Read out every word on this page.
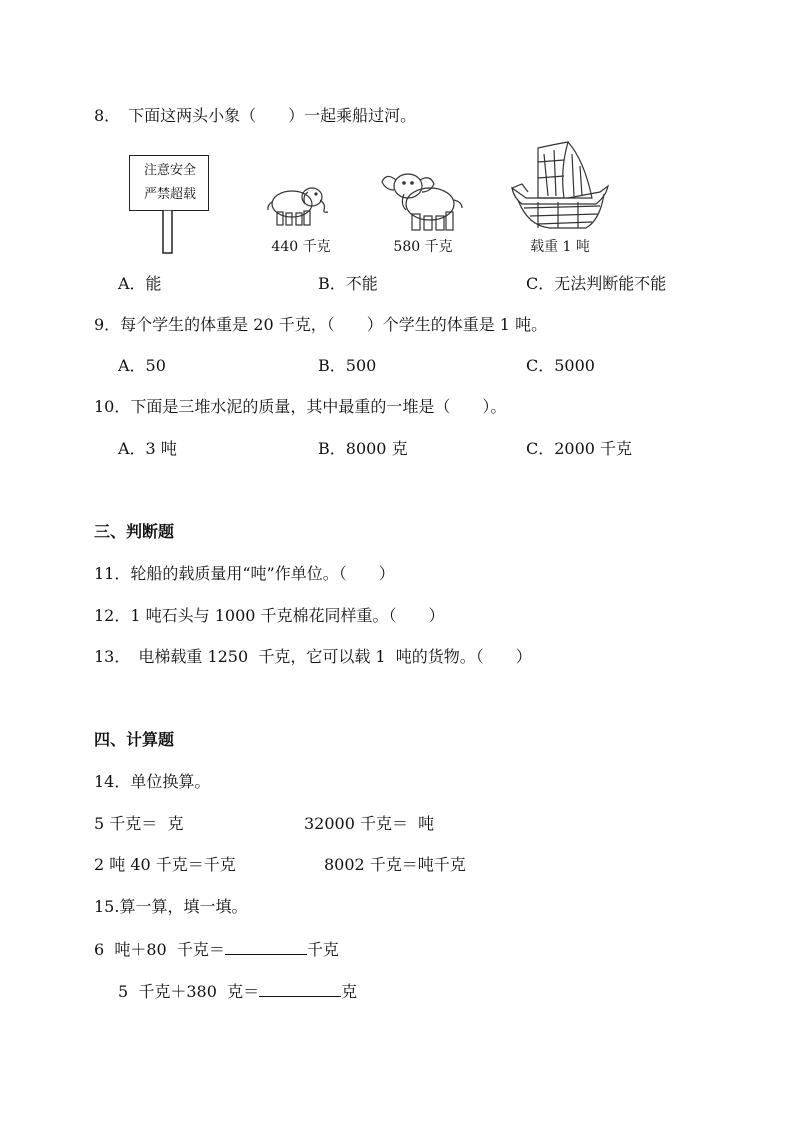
8．　下面这两头小象（　　）一起乘船过河。
注意安全
严禁超载
440 千克	580 千克	载重 1 吨
A．能	B．不能	C．无法判断能不能
9．每个学生的体重是 20 千克，（　　）个学生的体重是 1 吨。
A．50	B．500	C．5000
10．下面是三堆水泥的质量，其中最重的一堆是（　　）。
A．3 吨	B．8000 克	C．2000 千克
三、判断题
11．轮船的载质量用“吨”作单位。（　　）
12．1 吨石头与 1000 千克棉花同样重。（　　）
13．　电梯载重 1250  千克，它可以载 1  吨的货物。（　　）
四、计算题
14．单位换算。
5 千克＝  克	32000 千克＝  吨
2 吨 40 千克＝千克	8002 千克＝吨千克
15.算一算，填一填。
6  吨＋80  千克＝	千克
5  千克＋380  克＝	克
